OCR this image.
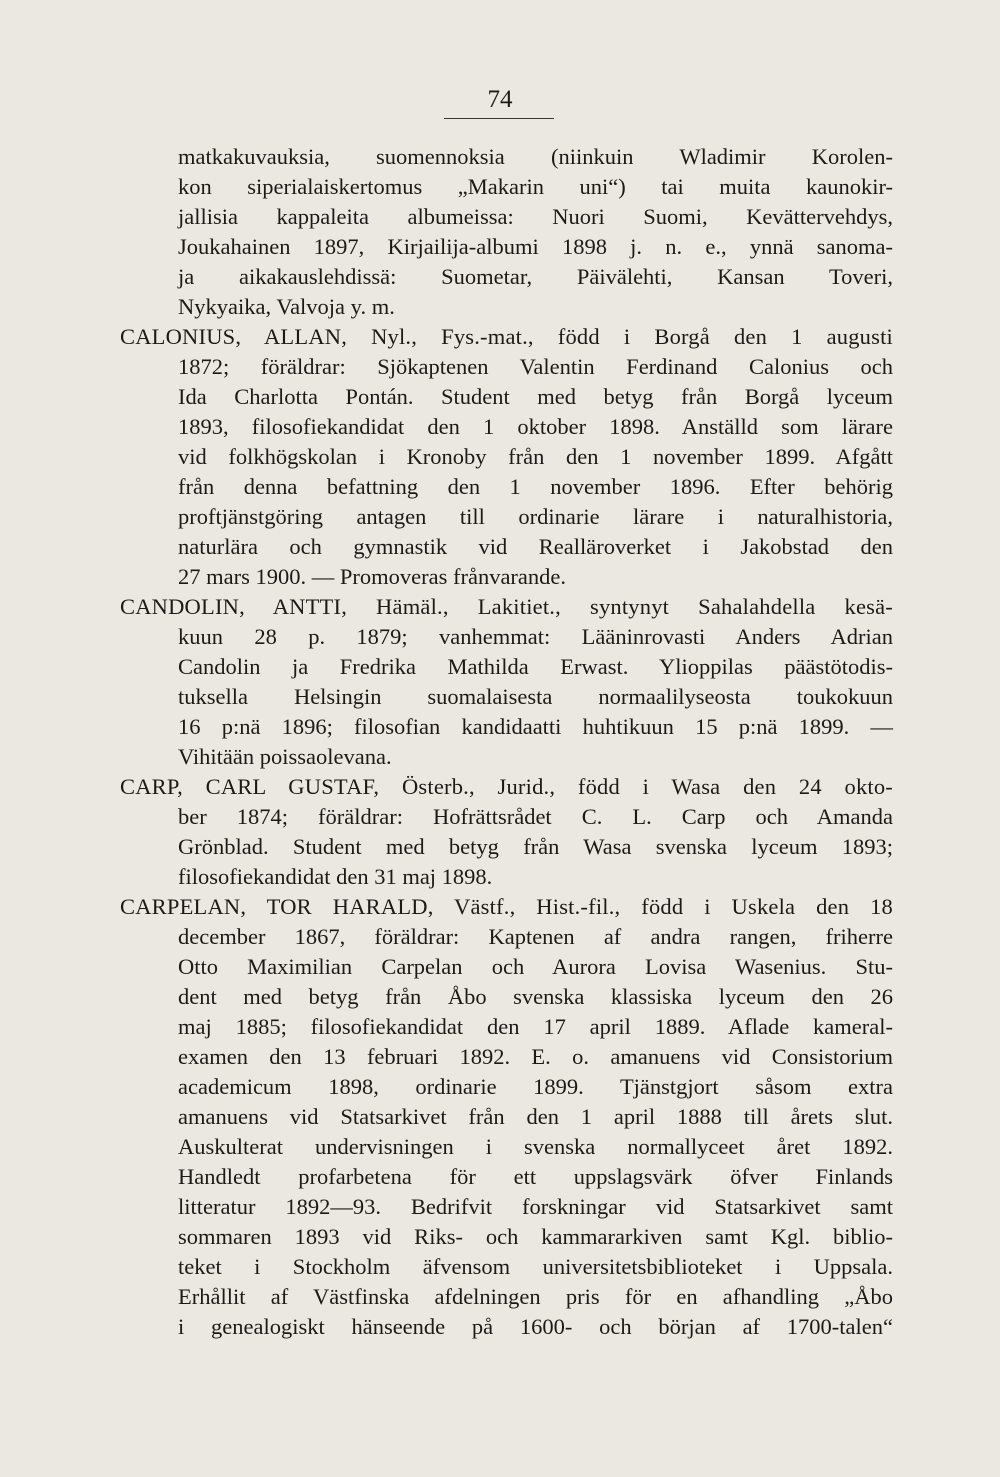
74
matkakuvauksia, suomennoksia (niinkuin Wladimir Korolen-
kon siperialaiskertomus „Makarin uni“) tai muita kaunokir-
jallisia kappaleita albumeissa: Nuori Suomi, Kevättervehdys,
Joukahainen 1897, Kirjailija-albumi 1898 j. n. e., ynnä sanoma-
ja aikakauslehdissä: Suometar, Päivälehti, Kansan Toveri,
Nykyaika, Valvoja y. m.
CALONIUS, ALLAN, Nyl., Fys.-mat., född i Borgå den 1 augusti
1872; föräldrar: Sjökaptenen Valentin Ferdinand Calonius och
Ida Charlotta Pontán. Student med betyg från Borgå lyceum
1893, filosofiekandidat den 1 oktober 1898. Anställd som lärare
vid folkhögskolan i Kronoby från den 1 november 1899. Afgått
från denna befattning den 1 november 1896. Efter behörig
proftjänstgöring antagen till ordinarie lärare i naturalhistoria,
naturlära och gymnastik vid Realläroverket i Jakobstad den
27 mars 1900. — Promoveras frånvarande.
CANDOLIN, ANTTI, Hämäl., Lakitiet., syntynyt Sahalahdella kesä-
kuun 28 p. 1879; vanhemmat: Lääninrovasti Anders Adrian
Candolin ja Fredrika Mathilda Erwast. Ylioppilas päästötodis-
tuksella Helsingin suomalaisesta normaalilyseosta toukokuun
16 p:nä 1896; filosofian kandidaatti huhtikuun 15 p:nä 1899. —
Vihitään poissaolevana.
CARP, CARL GUSTAF, Österb., Jurid., född i Wasa den 24 okto-
ber 1874; föräldrar: Hofrättsrådet C. L. Carp och Amanda
Grönblad. Student med betyg från Wasa svenska lyceum 1893;
filosofiekandidat den 31 maj 1898.
CARPELAN, TOR HARALD, Västf., Hist.-fil., född i Uskela den 18
december 1867, föräldrar: Kaptenen af andra rangen, friherre
Otto Maximilian Carpelan och Aurora Lovisa Wasenius. Stu-
dent med betyg från Åbo svenska klassiska lyceum den 26
maj 1885; filosofiekandidat den 17 april 1889. Aflade kameral-
examen den 13 februari 1892. E. o. amanuens vid Consistorium
academicum 1898, ordinarie 1899. Tjänstgjort såsom extra
amanuens vid Statsarkivet från den 1 april 1888 till årets slut.
Auskulterat undervisningen i svenska normallyceet året 1892.
Handledt profarbetena för ett uppslagsvärk öfver Finlands
litteratur 1892—93. Bedrifvit forskningar vid Statsarkivet samt
sommaren 1893 vid Riks- och kammararkiven samt Kgl. biblio-
teket i Stockholm äfvensom universitetsbiblioteket i Uppsala.
Erhållit af Västfinska afdelningen pris för en afhandling „Åbo
i genealogiskt hänseende på 1600- och början af 1700-talen“
